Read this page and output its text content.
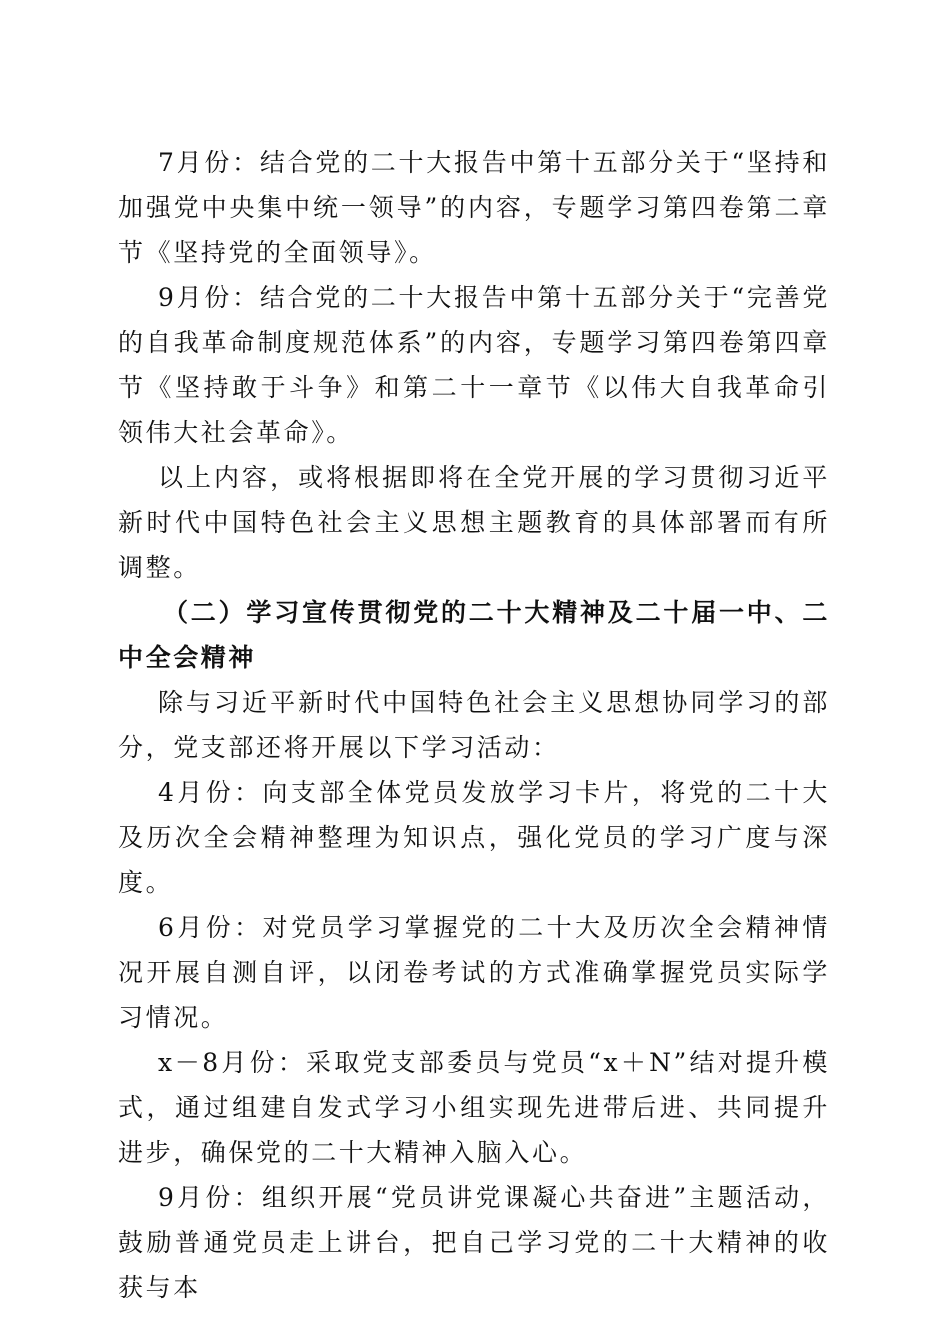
7月份：结合党的二十大报告中第十五部分关于“坚持和加强党中央集中统一领导”的内容，专题学习第四卷第二章节《坚持党的全面领导》。

9月份：结合党的二十大报告中第十五部分关于“完善党的自我革命制度规范体系”的内容，专题学习第四卷第四章节《坚持敢于斗争》和第二十一章节《以伟大自我革命引领伟大社会革命》。

以上内容，或将根据即将在全党开展的学习贯彻习近平新时代中国特色社会主义思想主题教育的具体部署而有所调整。

（二）学习宣传贯彻党的二十大精神及二十届一中、二中全会精神

除与习近平新时代中国特色社会主义思想协同学习的部分，党支部还将开展以下学习活动：

4月份：向支部全体党员发放学习卡片，将党的二十大及历次全会精神整理为知识点，强化党员的学习广度与深度。

6月份：对党员学习掌握党的二十大及历次全会精神情况开展自测自评，以闭卷考试的方式准确掌握党员实际学习情况。

x－8月份：采取党支部委员与党员“x＋N”结对提升模式，通过组建自发式学习小组实现先进带后进、共同提升进步，确保党的二十大精神入脑入心。

9月份：组织开展“党员讲党课凝心共奋进”主题活动，鼓励普通党员走上讲台，把自己学习党的二十大精神的收获与本
